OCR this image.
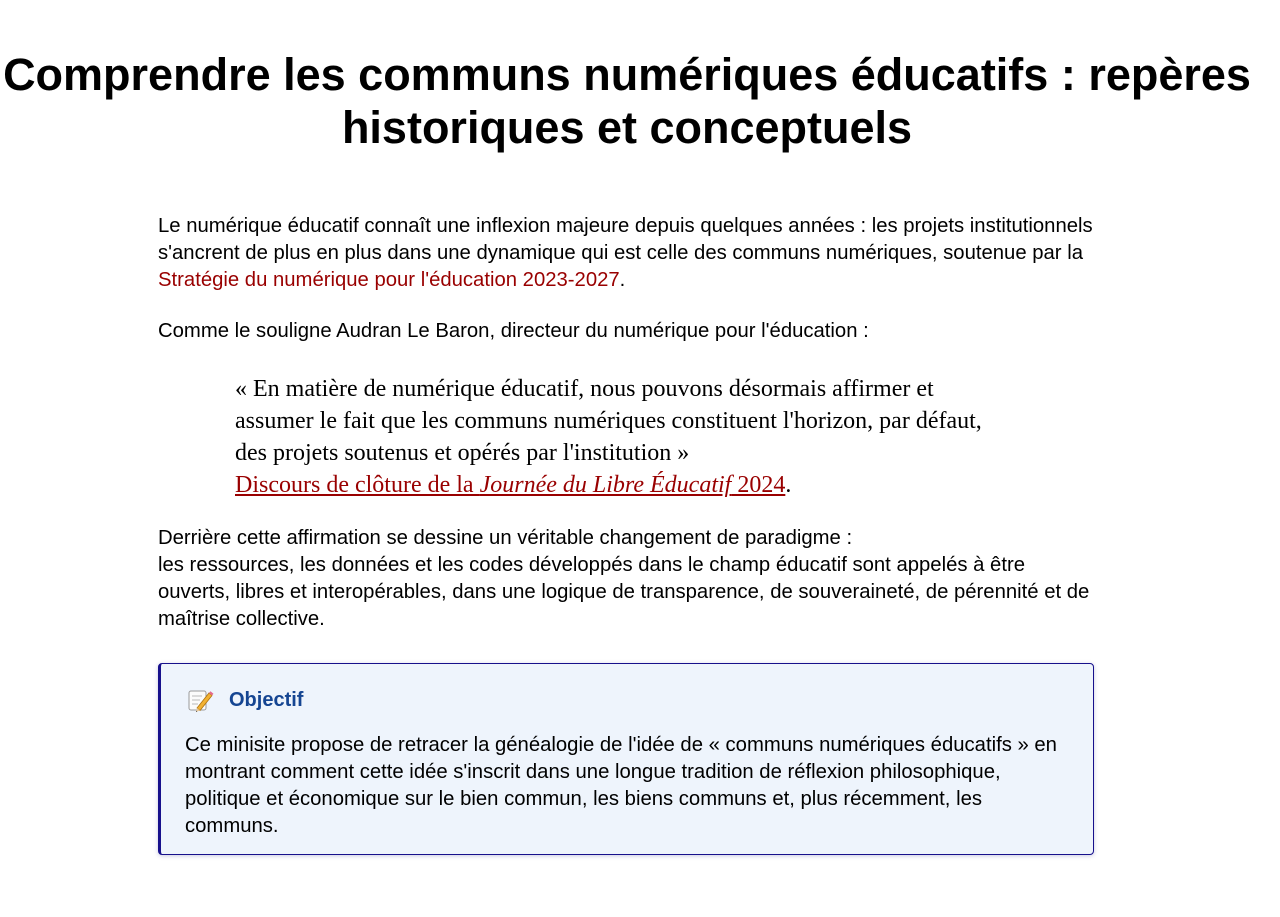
Comprendre les communs numériques éducatifs : repères historiques et conceptuels

Le numérique éducatif connaît une inflexion majeure depuis quelques années : les projets institutionnels s'ancrent de plus en plus dans une dynamique qui est celle des communs numériques, soutenue par la Stratégie du numérique pour l'éducation 2023-2027.

Comme le souligne Audran Le Baron, directeur du numérique pour l'éducation :

« En matière de numérique éducatif, nous pouvons désormais affirmer et assumer le fait que les communs numériques constituent l'horizon, par défaut, des projets soutenus et opérés par l'institution »
Discours de clôture de la Journée du Libre Éducatif 2024.

Derrière cette affirmation se dessine un véritable changement de paradigme :
les ressources, les données et les codes développés dans le champ éducatif sont appelés à être ouverts, libres et interopérables, dans une logique de transparence, de souveraineté, de pérennité et de maîtrise collective.

Objectif

Ce minisite propose de retracer la généalogie de l'idée de « communs numériques éducatifs » en montrant comment cette idée s'inscrit dans une longue tradition de réflexion philosophique, politique et économique sur le bien commun, les biens communs et, plus récemment, les communs.
